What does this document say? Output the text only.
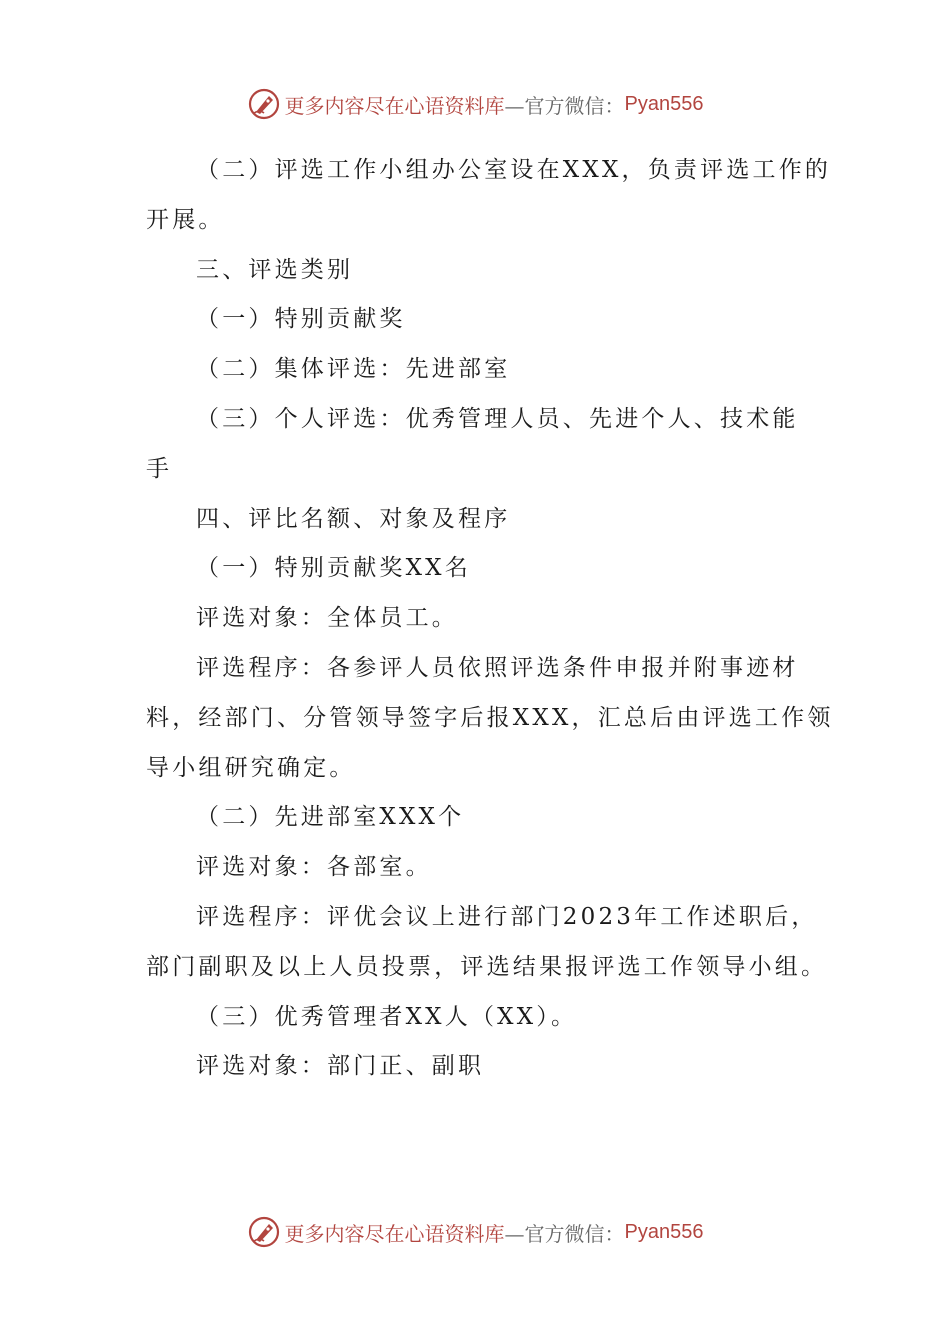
更多内容尽在心语资料库 —官方微信： Pyan556
（二）评选工作小组办公室设在XXX，负责评选工作的
开展。
三、评选类别
（一）特别贡献奖
（二）集体评选：先进部室
（三）个人评选：优秀管理人员、先进个人、技术能
手
四、评比名额、对象及程序
（一）特别贡献奖XX名
评选对象：全体员工。
评选程序：各参评人员依照评选条件申报并附事迹材
料，经部门、分管领导签字后报XXX，汇总后由评选工作领
导小组研究确定。
（二）先进部室XXX个
评选对象：各部室。
评选程序：评优会议上进行部门2023年工作述职后，
部门副职及以上人员投票，评选结果报评选工作领导小组。
（三）优秀管理者XX人（XX）。
评选对象：部门正、副职
更多内容尽在心语资料库 —官方微信： Pyan556
